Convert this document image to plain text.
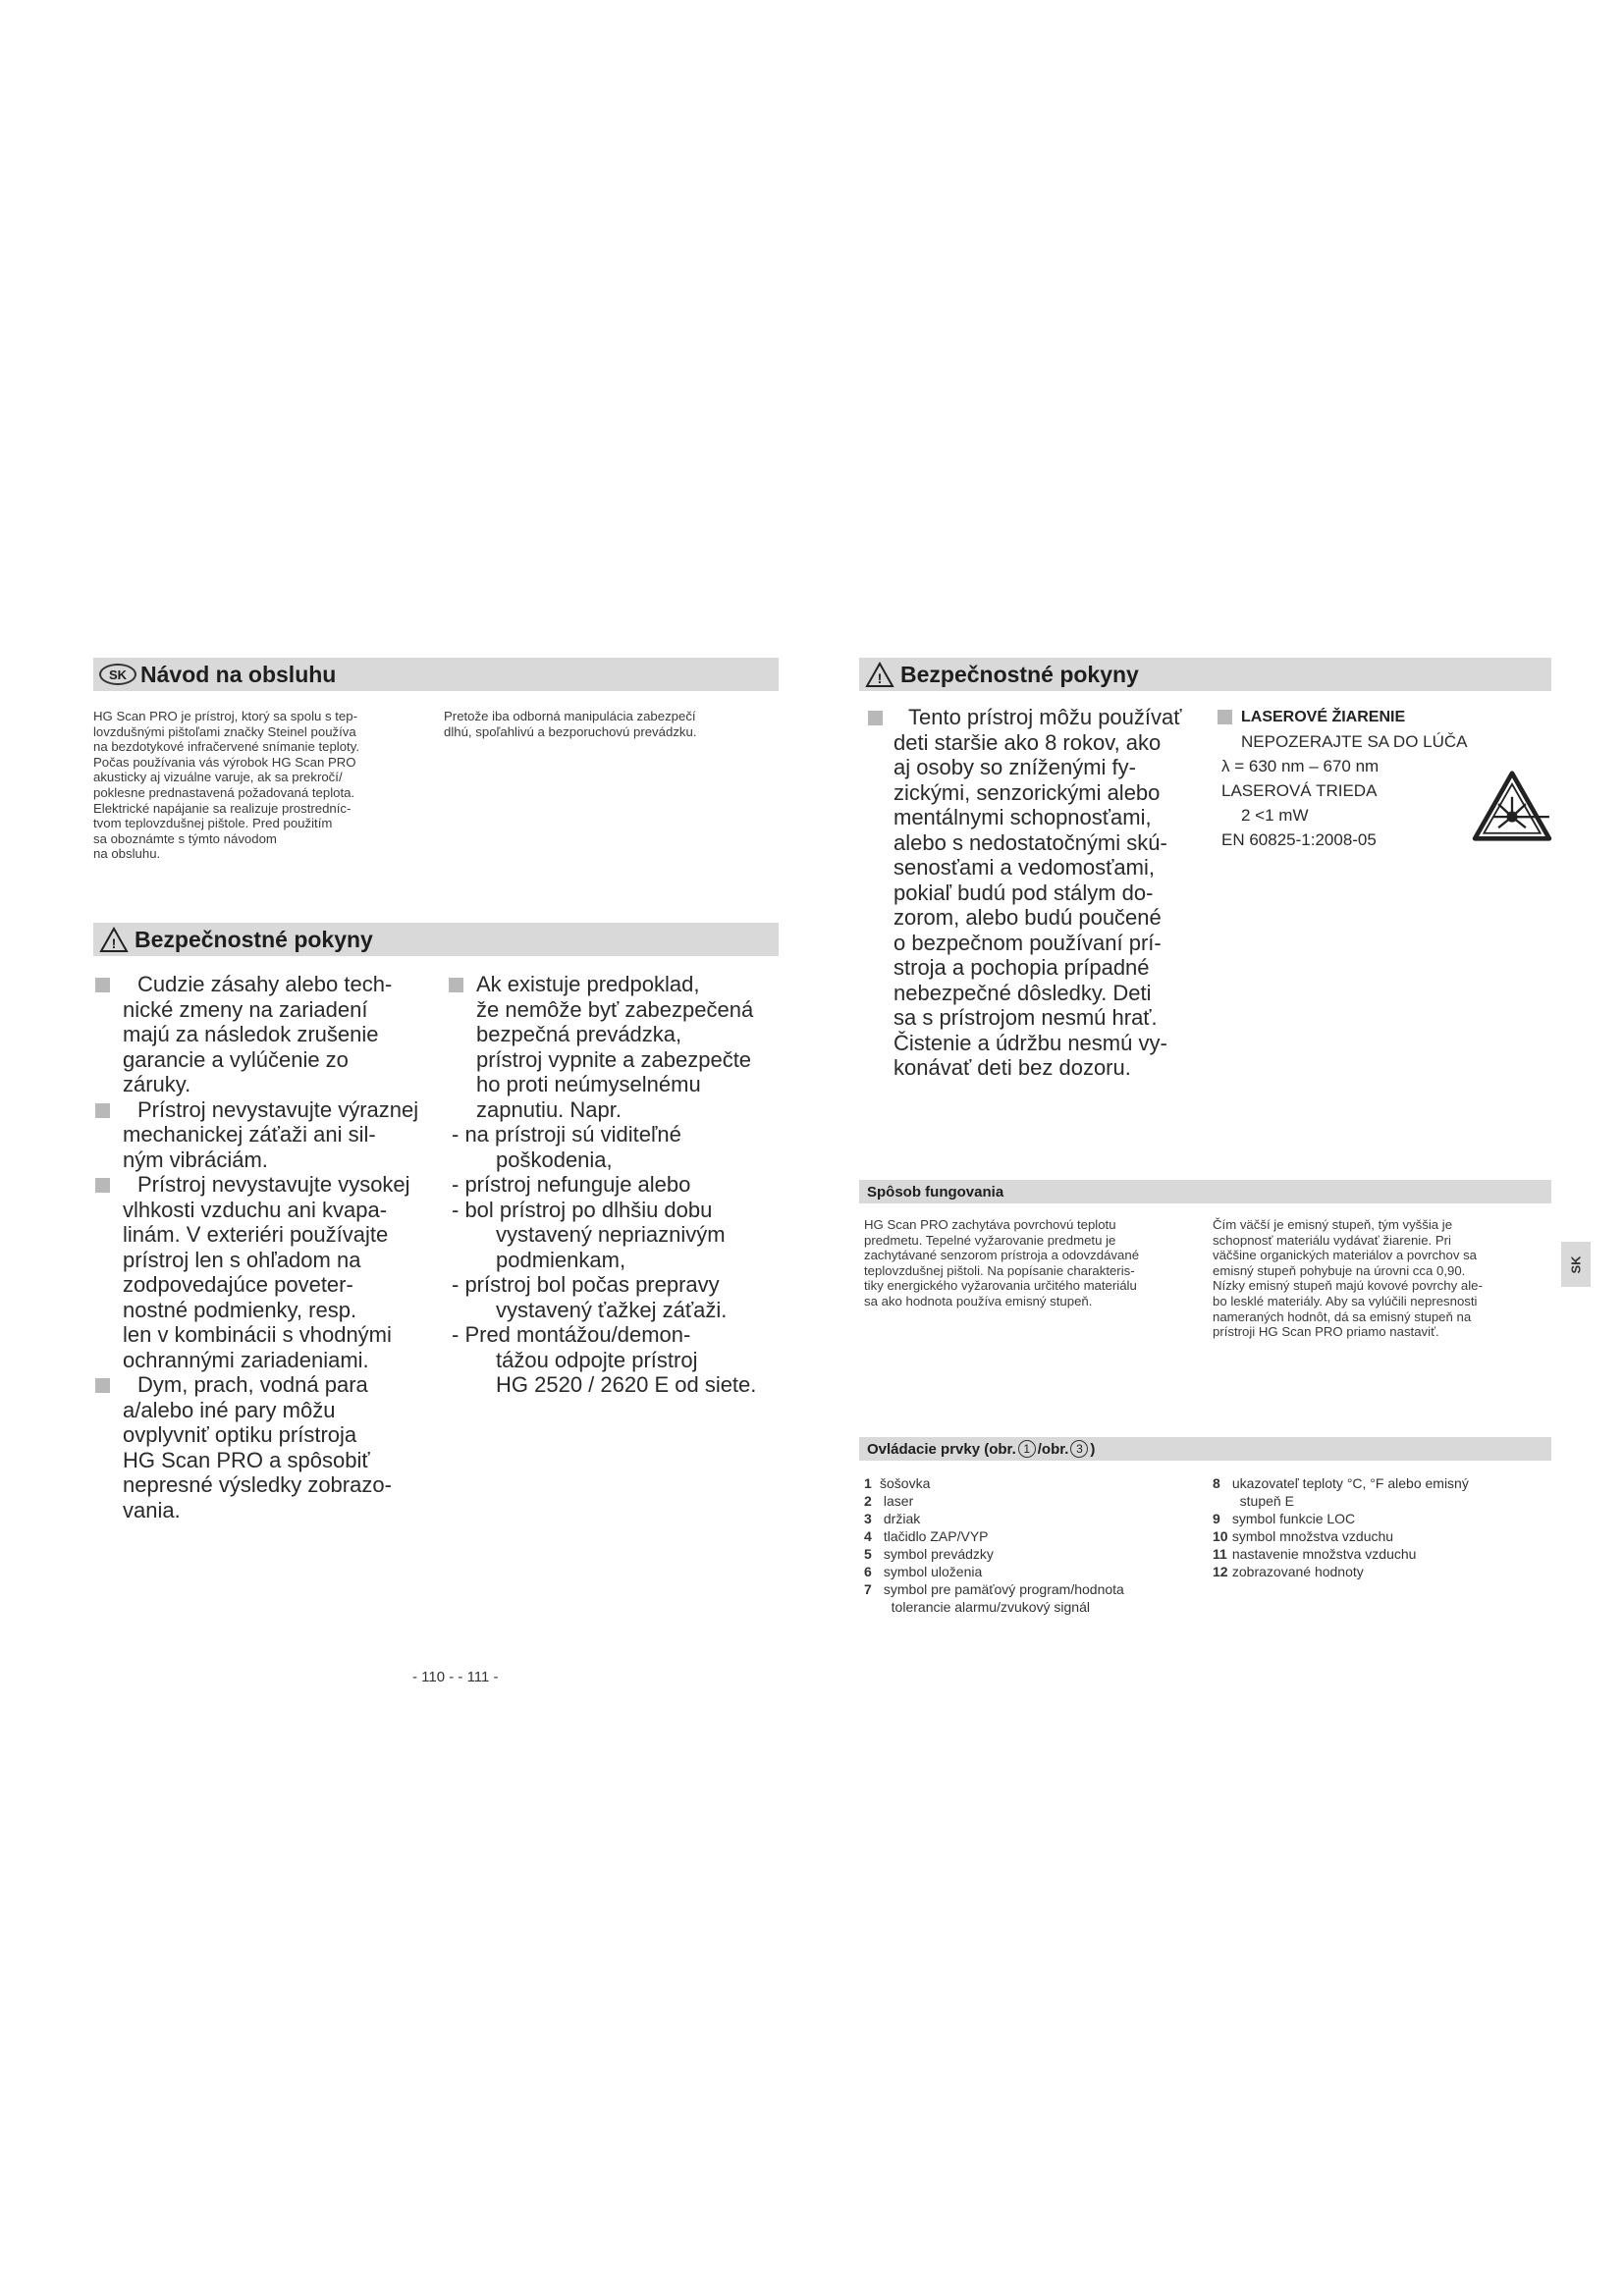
SK Návod na obsluhu
HG Scan PRO je prístroj, ktorý sa spolu s tep-
lovzdušnými pištoľami značky Steinel používa
na bezdotykové infračervené snímanie teploty.
Počas používania vás výrobok HG Scan PRO
akusticky aj vizuálne varuje, ak sa prekročí/
poklesne prednastavená požadovaná teplota.
Elektrické napájanie sa realizuje prostredníc-
tvom teplovzdušnej pištole. Pred použitím
sa oboznámte s týmto návodom
na obsluhu.
Pretože iba odborná manipulácia zabezpečí
dlhú, spoľahlivú a bezporuchovú prevádzku.
! Bezpečnostné pokyny
Cudzie zásahy alebo tech-
nické zmeny na zariadení
majú za následok zrušenie
garancie a vylúčenie zo
záruky.
Prístroj nevystavujte výraznej
mechanickej záťaži ani sil-
ným vibráciám.
Prístroj nevystavujte vysokej
vlhkosti vzduchu ani kvapa-
linám. V exteriéri používajte
prístroj len s ohľadom na
zodpovedajúce poveter-
nostné podmienky, resp.
len v kombinácii s vhodnými
ochrannými zariadeniami.
Dym, prach, vodná para
a/alebo iné pary môžu
ovplyvniť optiku prístroja
HG Scan PRO a spôsobiť
nepresné výsledky zobrazo-
vania.
Ak existuje predpoklad,
že nemôže byť zabezpečená
bezpečná prevádzka,
prístroj vypnite a zabezpečte
ho proti neúmyselnému
zapnutiu. Napr.
- na prístroji sú viditeľné
poškodenia,
- prístroj nefunguje alebo
- bol prístroj po dlhšiu dobu
vystavený nepriaznivým
podmienkam,
- prístroj bol počas prepravy
vystavený ťažkej záťaži.
- Pred montážou/demon-
tážou odpojte prístroj
HG 2520 / 2620 E od siete.
- 110 - - 111 -
! Bezpečnostné pokyny
Tento prístroj môžu používať
deti staršie ako 8 rokov, ako
aj osoby so zníženými fy-
zickými, senzorickými alebo
mentálnymi schopnosťami,
alebo s nedostatočnými skú-
senosťami a vedomosťami,
pokiaľ budú pod stálym do-
zorom, alebo budú poučené
o bezpečnom používaní prí-
stroja a pochopia prípadné
nebezpečné dôsledky. Deti
sa s prístrojom nesmú hrať.
Čistenie a údržbu nesmú vy-
konávať deti bez dozoru.
LASEROVÉ ŽIARENIE
NEPOZERAJTE SA DO LÚČA
λ = 630 nm – 670 nm
LASEROVÁ TRIEDA
2 <1 mW
EN 60825-1:2008-05
Spôsob fungovania
HG Scan PRO zachytáva povrchovú teplotu
predmetu. Tepelné vyžarovanie predmetu je
zachytávané senzorom prístroja a odovzdávané
teplovzdušnej pištoli. Na popísanie charakteris-
tiky energického vyžarovania určitého materiálu
sa ako hodnota používa emisný stupeň.
Čím väčší je emisný stupeň, tým vyššia je
schopnosť materiálu vydávať žiarenie. Pri
väčšine organických materiálov a povrchov sa
emisný stupeň pohybuje na úrovni cca 0,90.
Nízky emisný stupeň majú kovové povrchy ale-
bo lesklé materiály. Aby sa vylúčili nepresnosti
nameraných hodnôt, dá sa emisný stupeň na
prístroji HG Scan PRO priamo nastaviť.
SK
Ovládacie prvky (obr. 1 /obr. 3 )
1 šošovka
2 laser
3 držiak
4 tlačidlo ZAP/VYP
5 symbol prevádzky
6 symbol uloženia
7 symbol pre pamäťový program/hodnota
tolerancie alarmu/zvukový signál
8 ukazovateľ teploty °C, °F alebo emisný
stupeň E
9 symbol funkcie LOC
10 symbol množstva vzduchu
11 nastavenie množstva vzduchu
12 zobrazované hodnoty
